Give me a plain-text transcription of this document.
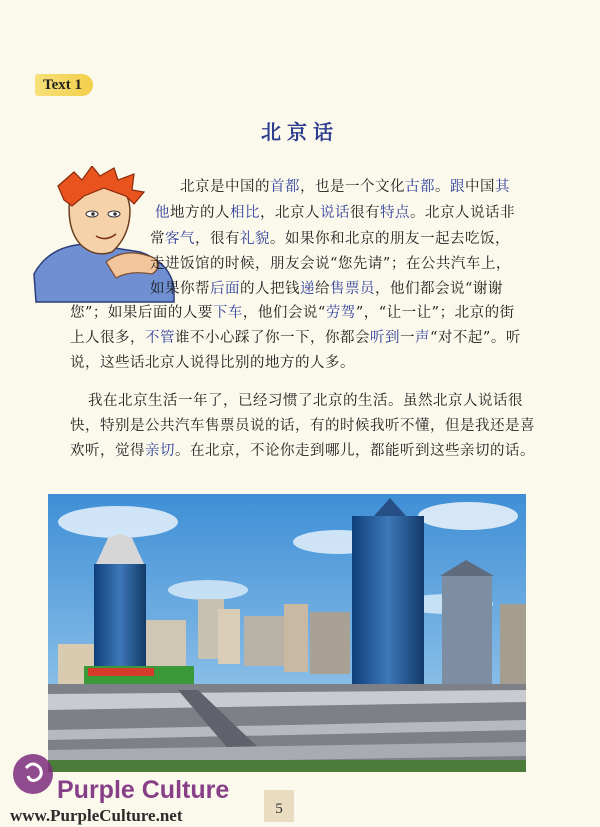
Text 1
北京话
北京是中国的首都，也是一个文化古都。跟中国其
他地方的人相比，北京人说话很有特点。北京人说话非
常客气，很有礼貌。如果你和北京的朋友一起去吃饭，
走进饭馆的时候，朋友会说“您先请”；在公共汽车上，
如果你帮后面的人把钱递给售票员，他们都会说“谢谢
您”；如果后面的人要下车，他们会说“劳驾”，“让一让”；北京的街
上人很多，不管谁不小心踩了你一下，你都会听到一声“对不起”。听
说，这些话北京人说得比别的地方的人多。
我在北京生活一年了，已经习惯了北京的生活。虽然北京人说话很
快，特别是公共汽车售票员说的话，有的时候我听不懂，但是我还是喜
欢听，觉得亲切。在北京，不论你走到哪儿，都能听到这些亲切的话。
Purple Culture
www.PurpleCulture.net	5
